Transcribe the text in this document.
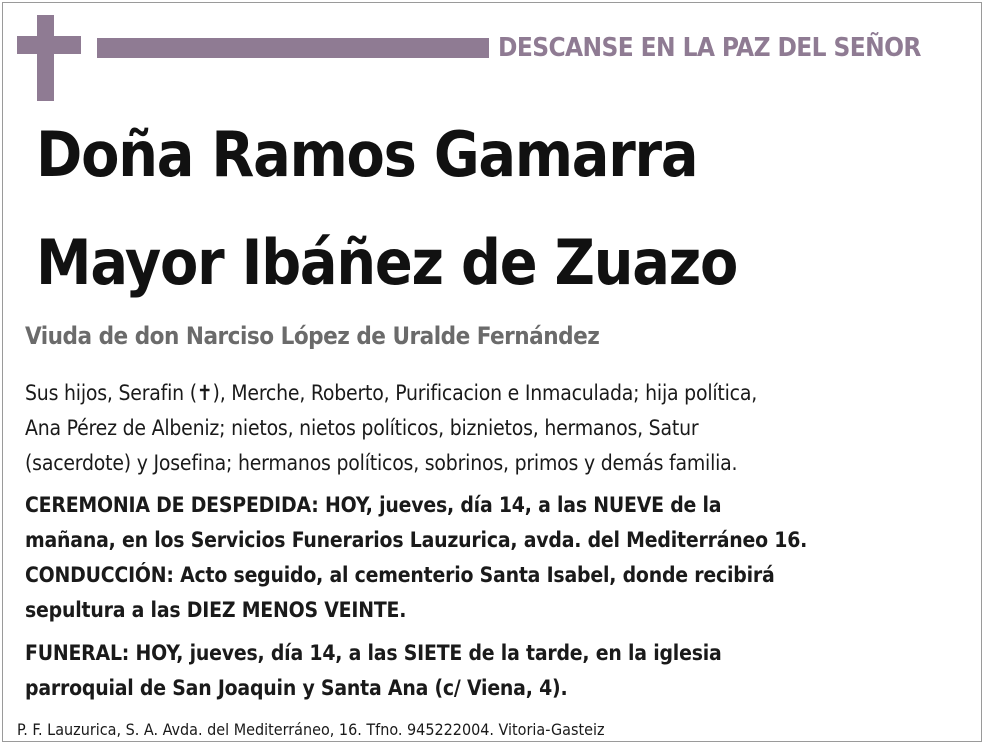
DESCANSE EN LA PAZ DEL SEÑOR
Doña Ramos Gamarra
Mayor Ibáñez de Zuazo
Viuda de don Narciso López de Uralde Fernández
Sus hijos, Serafin (✝), Merche, Roberto, Purificacion e Inmaculada; hija política,
Ana Pérez de Albeniz; nietos, nietos políticos, biznietos, hermanos, Satur
(sacerdote) y Josefina; hermanos políticos, sobrinos, primos y demás familia.
CEREMONIA DE DESPEDIDA: HOY, jueves, día 14, a las NUEVE de la
mañana, en los Servicios Funerarios Lauzurica, avda. del Mediterráneo 16.
CONDUCCIÓN: Acto seguido, al cementerio Santa Isabel, donde recibirá
sepultura a las DIEZ MENOS VEINTE.
FUNERAL: HOY, jueves, día 14, a las SIETE de la tarde, en la iglesia
parroquial de San Joaquin y Santa Ana (c/ Viena, 4).
P. F. Lauzurica, S. A. Avda. del Mediterráneo, 16. Tfno. 945222004. Vitoria-Gasteiz
